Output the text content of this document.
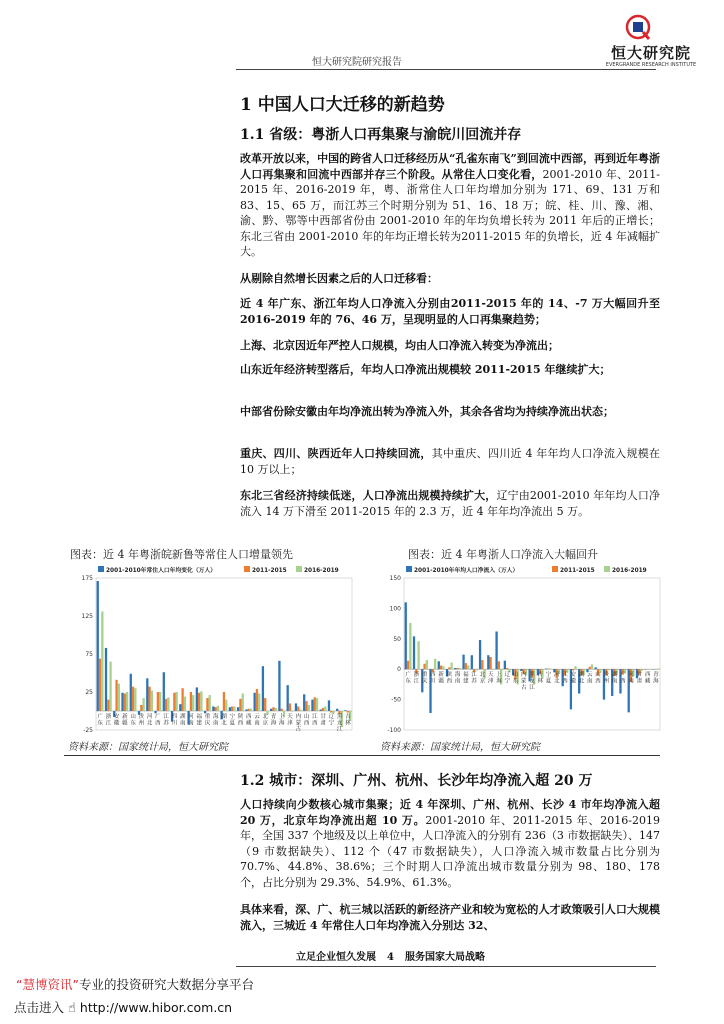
恒大研究院研究报告
恒大研究院
EVERGRANDE RESEARCH INSTITUTE
1 中国人口大迁移的新趋势
1.1 省级：粤浙人口再集聚与渝皖川回流并存
改革开放以来，中国的跨省人口迁移经历从“孔雀东南飞”到回流中西部，再到近年粤浙人口再集聚和回流中西部并存三个阶段。从常住人口变化看，2001-2010 年、2011-2015 年、2016-2019 年，粤、浙常住人口年均增加分别为 171、69、131 万和 83、15、65 万，而江苏三个时期分别为 51、16、18 万；皖、桂、川、豫、湘、渝、黔、鄂等中西部省份由 2001-2010 年的年均负增长转为 2011 年后的正增长；东北三省由 2001-2010 年的年均正增长转为2011-2015 年的负增长，近 4 年减幅扩大。
从剔除自然增长因素之后的人口迁移看：
近 4 年广东、浙江年均人口净流入分别由2011-2015 年的 14、-7 万大幅回升至 2016-2019 年的 76、46 万，呈现明显的人口再集聚趋势；
上海、北京因近年严控人口规模，均由人口净流入转变为净流出；
山东近年经济转型落后，年均人口净流出规模较 2011-2015 年继续扩大；
中部省份除安徽由年均净流出转为净流入外，其余各省均为持续净流出状态；
重庆、四川、陕西近年人口持续回流，其中重庆、四川近 4 年年均人口净流入规模在 10 万以上；
东北三省经济持续低迷，人口净流出规模持续扩大，辽宁由2001-2010 年年均人口净流入 14 万下滑至 2011-2015 年的 2.3 万，近 4 年年均净流出 5 万。
图表：近 4 年粤浙皖新鲁等常住人口增量领先	图表：近 4 年粤浙人口净流入大幅回升
2001-2010年常住人口年均变化（万人）	2011-2015	2016-2019
-25
25
75
125
175
广东
浙江
安徽
新疆
山东
贵州
河北
广西
江苏
四川
湖南
河南
福建
重庆
海南
湖北
宁夏
陕西
西藏
云南
北京
青海
上海
天津
内蒙古
山西
江西
甘肃
辽宁
黑龙江
吉林
2001-2010年年均人口净流入（万人）	2011-2015	2016-2019
-100
-50
0
50
100
150
广东
浙江
重庆
四川
新疆
陕西
海南
福建
江苏
北京
天津
上海
辽宁
山东
内蒙古
黑龙江
吉林
宁夏
河北
江西
安徽
湖北
云南
山西
贵州
湖南
广西
河南
甘肃
西藏
青海
资料来源：国家统计局，恒大研究院	资料来源：国家统计局，恒大研究院
1.2 城市：深圳、广州、杭州、长沙年均净流入超 20 万
人口持续向少数核心城市集聚；近 4 年深圳、广州、杭州、长沙 4 市年均净流入超 20 万，北京年均净流出超 10 万。2001-2010 年、2011-2015 年、2016-2019 年，全国 337 个地级及以上单位中，人口净流入的分别有 236（3 市数据缺失）、147（9 市数据缺失）、112 个（47 市数据缺失），人口净流入城市数量占比分别为 70.7%、44.8%、38.6%；三个时期人口净流出城市数量分别为 98、180、178 个，占比分别为 29.3%、54.9%、61.3%。
具体来看，深、广、杭三城以活跃的新经济产业和较为宽松的人才政策吸引人口大规模流入，三城近 4 年常住人口年均净流入分别达 32、
立足企业恒久发展 4 服务国家大局战略
“慧博资讯”专业的投资研究大数据分享平台
点击进入 ☝ http://www.hibor.com.cn
